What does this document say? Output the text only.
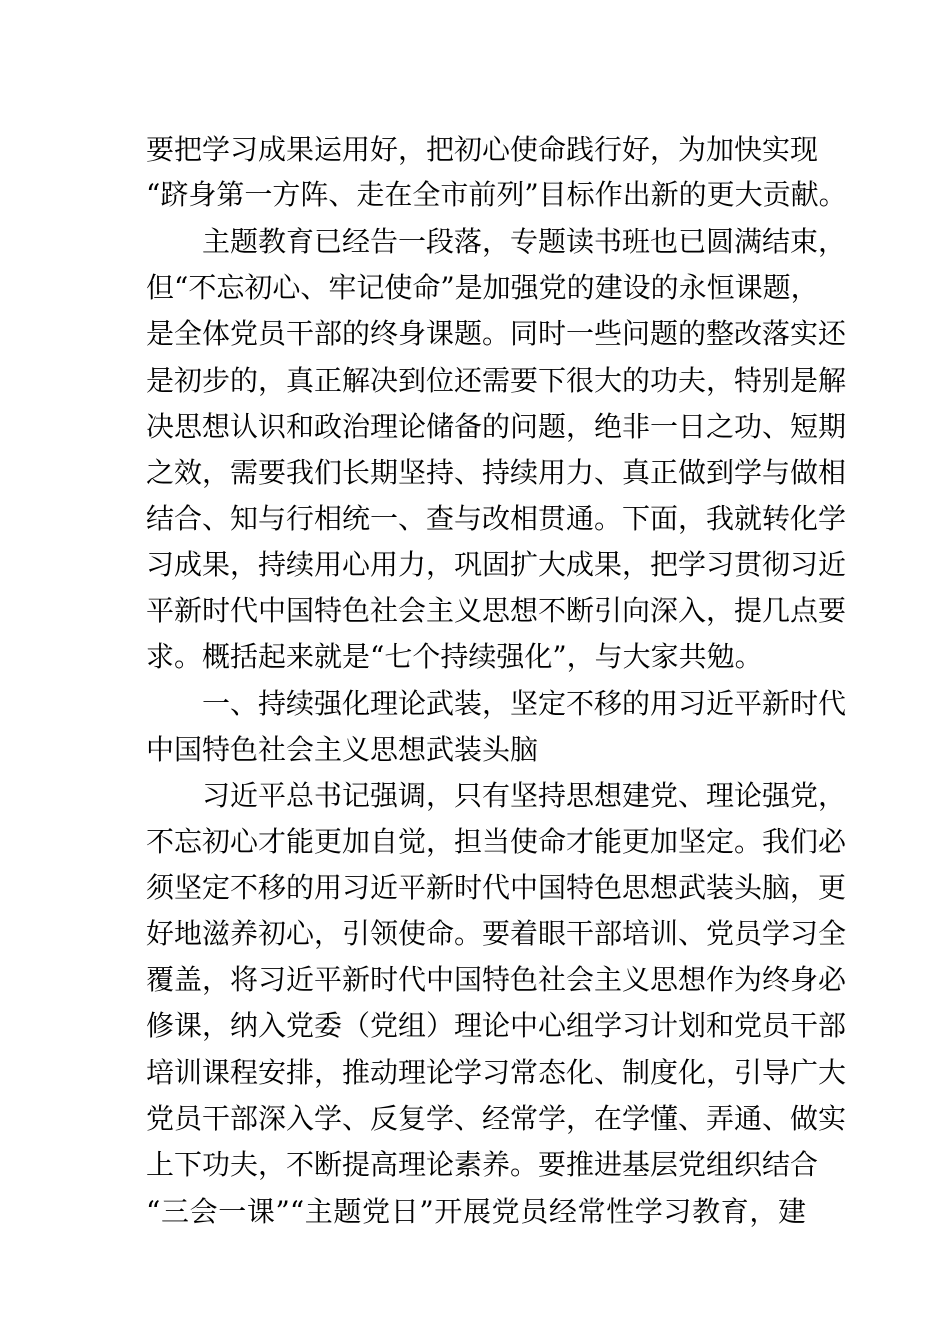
要把学习成果运用好，把初心使命践行好，为加快实现
“跻身第一方阵、走在全市前列”目标作出新的更大贡献。
主题教育已经告一段落，专题读书班也已圆满结束，
但“不忘初心、牢记使命”是加强党的建设的永恒课题，
是全体党员干部的终身课题。同时一些问题的整改落实还
是初步的，真正解决到位还需要下很大的功夫，特别是解
决思想认识和政治理论储备的问题，绝非一日之功、短期
之效，需要我们长期坚持、持续用力、真正做到学与做相
结合、知与行相统一、查与改相贯通。下面，我就转化学
习成果，持续用心用力，巩固扩大成果，把学习贯彻习近
平新时代中国特色社会主义思想不断引向深入，提几点要
求。概括起来就是“七个持续强化”，与大家共勉。
一、持续强化理论武装，坚定不移的用习近平新时代
中国特色社会主义思想武装头脑
习近平总书记强调，只有坚持思想建党、理论强党，
不忘初心才能更加自觉，担当使命才能更加坚定。我们必
须坚定不移的用习近平新时代中国特色思想武装头脑，更
好地滋养初心，引领使命。要着眼干部培训、党员学习全
覆盖，将习近平新时代中国特色社会主义思想作为终身必
修课，纳入党委（党组）理论中心组学习计划和党员干部
培训课程安排，推动理论学习常态化、制度化，引导广大
党员干部深入学、反复学、经常学，在学懂、弄通、做实
上下功夫，不断提高理论素养。要推进基层党组织结合
“三会一课”“主题党日”开展党员经常性学习教育，建
